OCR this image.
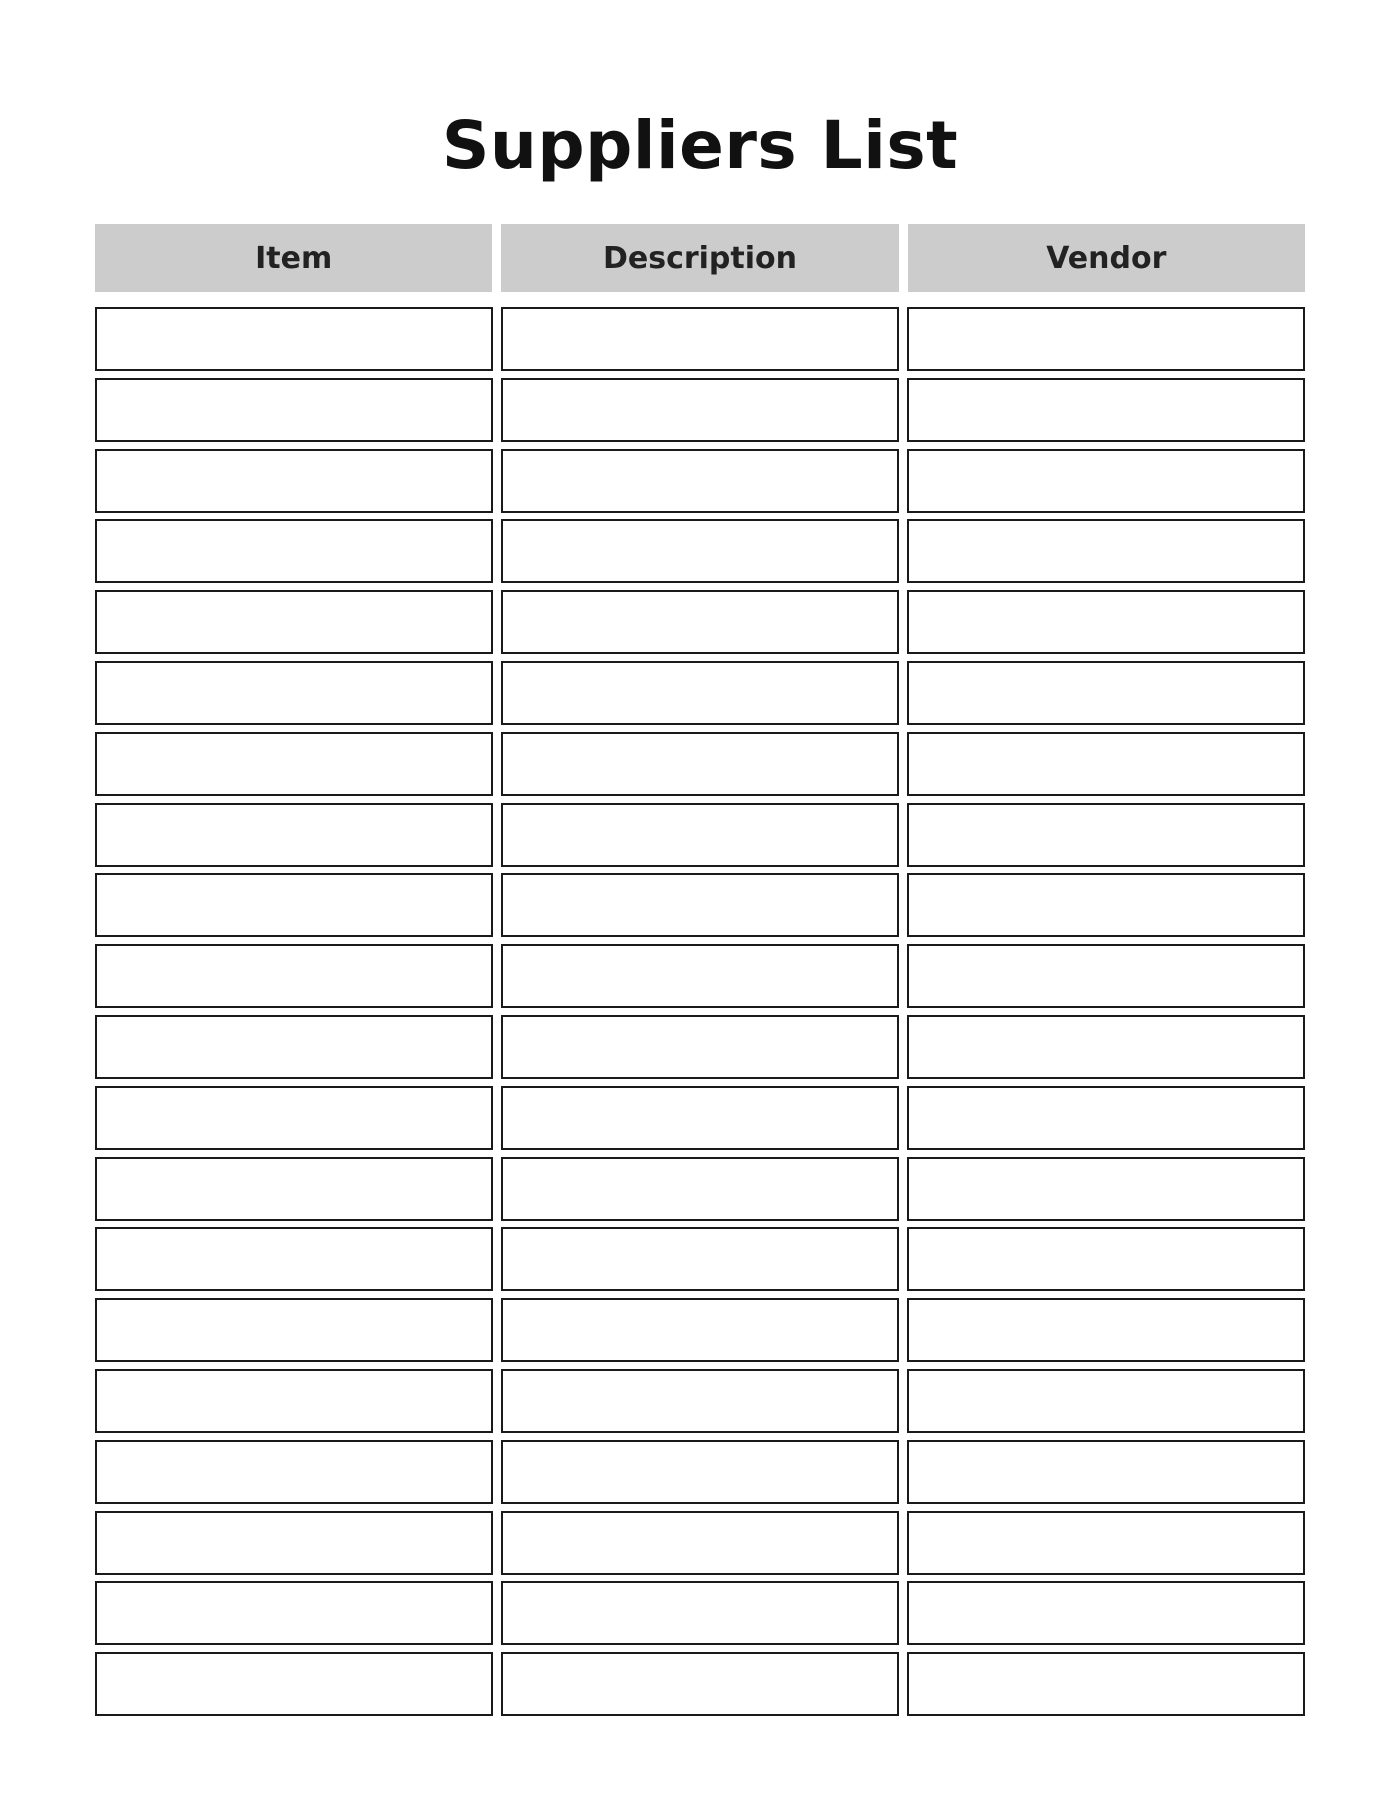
Suppliers List
Item	Description	Vendor
